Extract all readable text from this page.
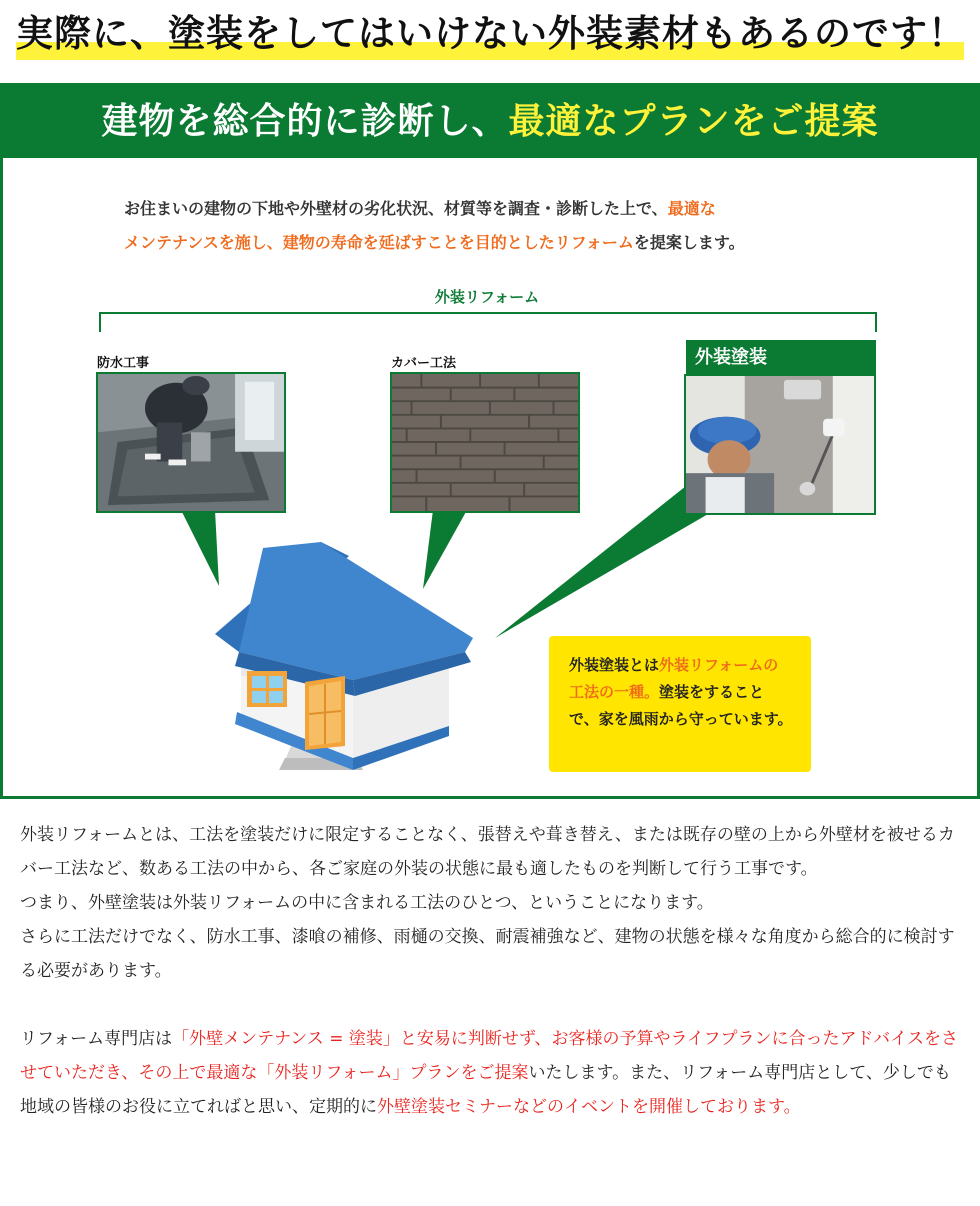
実際に、塗装をしてはいけない外装素材もあるのです！
建物を総合的に診断し、最適なプランをご提案
お住まいの建物の下地や外壁材の劣化状況、材質等を調査・診断した上で、最適な
メンテナンスを施し、建物の寿命を延ばすことを目的としたリフォームを提案します。
外装リフォーム
防水工事	カバー工法	外装塗装
外装塗装とは外装リフォームの工法の一種。塗装をすることで、家を風雨から守っています。

外装リフォームとは、工法を塗装だけに限定することなく、張替えや葺き替え、または既存の壁の上から外壁材を被せるカバー工法など、数ある工法の中から、各ご家庭の外装の状態に最も適したものを判断して行う工事です。

つまり、外壁塗装は外装リフォームの中に含まれる工法のひとつ、ということになります。

さらに工法だけでなく、防水工事、漆喰の補修、雨樋の交換、耐震補強など、建物の状態を様々な角度から総合的に検討する必要があります。

リフォーム専門店は「外壁メンテナンス = 塗装」と安易に判断せず、お客様の予算やライフプランに合ったアドバイスをさせていただき、その上で最適な「外装リフォーム」プランをご提案いたします。また、リフォーム専門店として、少しでも地域の皆様のお役に立てればと思い、定期的に外壁塗装セミナーなどのイベントを開催しております。
